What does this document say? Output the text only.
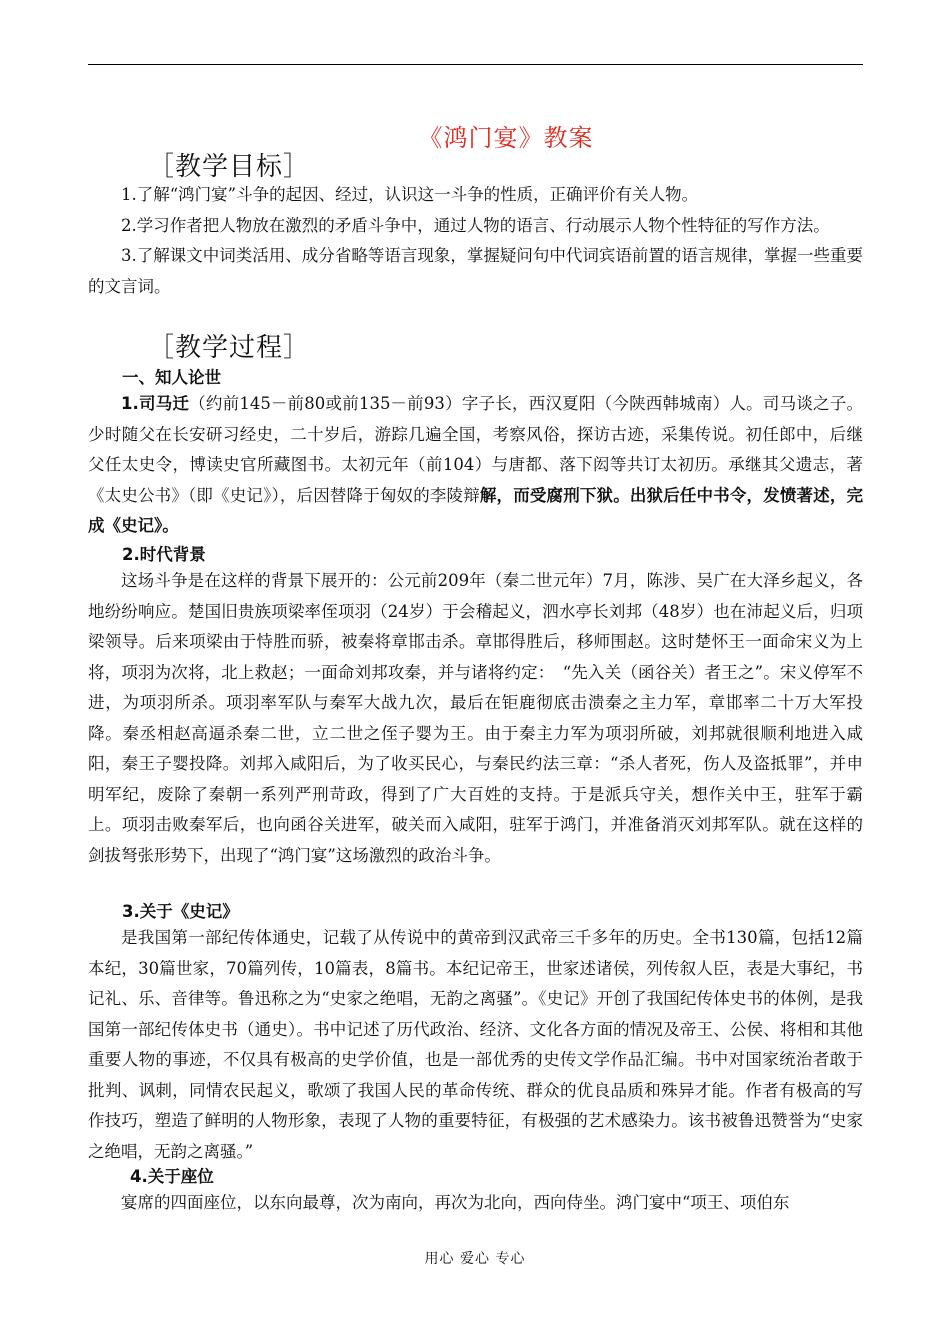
《鸿门宴》教案
［教学目标］

1.了解“鸿门宴”斗争的起因、经过，认识这一斗争的性质，正确评价有关人物。

2.学习作者把人物放在激烈的矛盾斗争中，通过人物的语言、行动展示人物个性特征的写作方法。

3.了解课文中词类活用、成分省略等语言现象，掌握疑问句中代词宾语前置的语言规律，掌握一些重要的文言词。

［教学过程］
一、知人论世

1.司马迁（约前145－前80或前135－前93）字子长，西汉夏阳（今陕西韩城南）人。司马谈之子。少时随父在长安研习经史，二十岁后，游踪几遍全国，考察风俗，探访古迹，采集传说。初任郎中，后继父任太史令，博读史官所藏图书。太初元年（前104）与唐都、落下闳等共订太初历。承继其父遗志，著《太史公书》（即《史记》），后因替降于匈奴的李陵辩解，而受腐刑下狱。出狱后任中书令，发愤著述，完成《史记》。

2.时代背景

这场斗争是在这样的背景下展开的：公元前209年（秦二世元年）7月，陈涉、吴广在大泽乡起义，各地纷纷响应。楚国旧贵族项梁率侄项羽（24岁）于会稽起义，泗水亭长刘邦（48岁）也在沛起义后，归项梁领导。后来项梁由于恃胜而骄，被秦将章邯击杀。章邯得胜后，移师围赵。这时楚怀王一面命宋义为上将，项羽为次将，北上救赵；一面命刘邦攻秦，并与诸将约定：　“先入关（函谷关）者王之”。宋义停军不进，为项羽所杀。项羽率军队与秦军大战九次，最后在钜鹿彻底击溃秦之主力军，章邯率二十万大军投降。秦丞相赵高逼杀秦二世，立二世之侄子婴为王。由于秦主力军为项羽所破，刘邦就很顺利地进入咸阳，秦王子婴投降。刘邦入咸阳后，为了收买民心，与秦民约法三章：“杀人者死，伤人及盗抵罪”，并申明军纪，废除了秦朝一系列严刑苛政，得到了广大百姓的支持。于是派兵守关，想作关中王，驻军于霸上。项羽击败秦军后，也向函谷关进军，破关而入咸阳，驻军于鸿门，并准备消灭刘邦军队。就在这样的剑拔弩张形势下，出现了“鸿门宴”这场激烈的政治斗争。

3.关于《史记》

是我国第一部纪传体通史，记载了从传说中的黄帝到汉武帝三千多年的历史。全书130篇，包括12篇本纪，30篇世家，70篇列传，10篇表，8篇书。本纪记帝王，世家述诸侯，列传叙人臣，表是大事纪，书记礼、乐、音律等。鲁迅称之为“史家之绝唱，无韵之离骚”。《史记》开创了我国纪传体史书的体例，是我国第一部纪传体史书（通史）。书中记述了历代政治、经济、文化各方面的情况及帝王、公侯、将相和其他重要人物的事迹，不仅具有极高的史学价值，也是一部优秀的史传文学作品汇编。书中对国家统治者敢于批判、讽刺，同情农民起义，歌颂了我国人民的革命传统、群众的优良品质和殊异才能。作者有极高的写作技巧，塑造了鲜明的人物形象，表现了人物的重要特征，有极强的艺术感染力。该书被鲁迅赞誉为“史家之绝唱，无韵之离骚。”

4.关于座位

宴席的四面座位，以东向最尊，次为南向，再次为北向，西向侍坐。鸿门宴中“项王、项伯东

用心 爱心 专心
